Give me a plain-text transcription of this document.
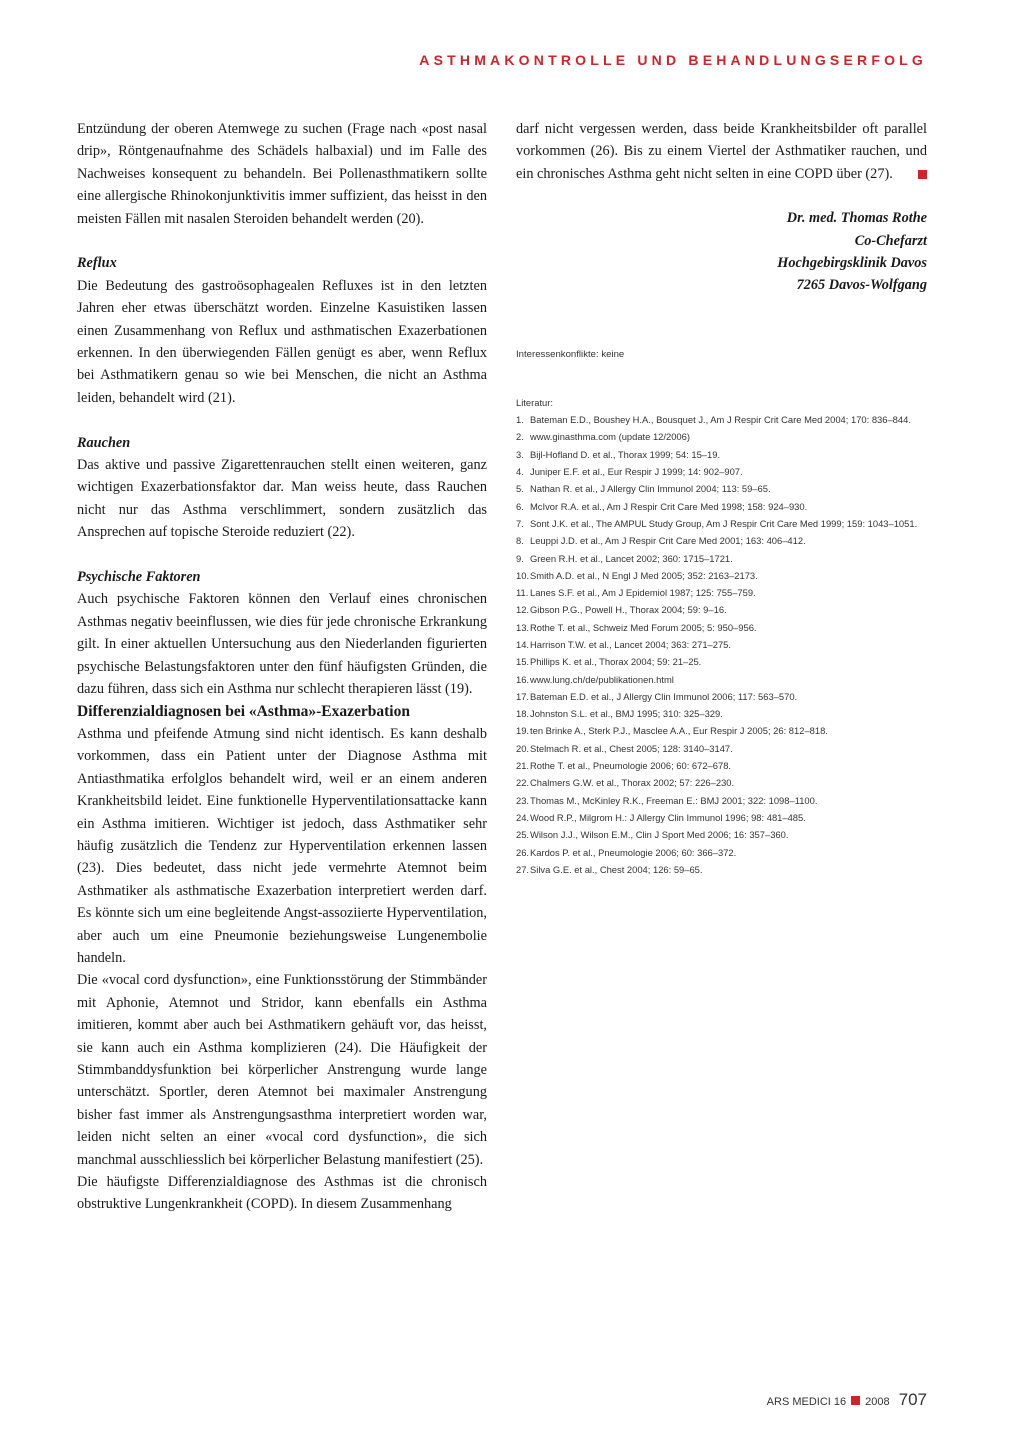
ASTHMAKONTROLLE UND BEHANDLUNGSERFOLG

Entzündung der oberen Atemwege zu suchen (Frage nach «post nasal drip», Röntgenaufnahme des Schädels halbaxial) und im Falle des Nachweises konsequent zu behandeln. Bei Pollenasthmatikern sollte eine allergische Rhinokonjunktivitis immer suffizient, das heisst in den meisten Fällen mit nasalen Steroiden behandelt werden (20).

Reflux

Die Bedeutung des gastroösophagealen Refluxes ist in den letzten Jahren eher etwas überschätzt worden. Einzelne Kasuistiken lassen einen Zusammenhang von Reflux und asthmatischen Exazerbationen erkennen. In den überwiegenden Fällen genügt es aber, wenn Reflux bei Asthmatikern genau so wie bei Menschen, die nicht an Asthma leiden, behandelt wird (21).

Rauchen

Das aktive und passive Zigarettenrauchen stellt einen weiteren, ganz wichtigen Exazerbationsfaktor dar. Man weiss heute, dass Rauchen nicht nur das Asthma verschlimmert, sondern zusätzlich das Ansprechen auf topische Steroide reduziert (22).

Psychische Faktoren

Auch psychische Faktoren können den Verlauf eines chronischen Asthmas negativ beeinflussen, wie dies für jede chronische Erkrankung gilt. In einer aktuellen Untersuchung aus den Niederlanden figurierten psychische Belastungsfaktoren unter den fünf häufigsten Gründen, die dazu führen, dass sich ein Asthma nur schlecht therapieren lässt (19).

Differenzialdiagnosen bei «Asthma»-Exazerbation

Asthma und pfeifende Atmung sind nicht identisch. Es kann deshalb vorkommen, dass ein Patient unter der Diagnose Asthma mit Antiasthmatika erfolglos behandelt wird, weil er an einem anderen Krankheitsbild leidet. Eine funktionelle Hyperventilationsattacke kann ein Asthma imitieren. Wichtiger ist jedoch, dass Asthmatiker sehr häufig zusätzlich die Tendenz zur Hyperventilation erkennen lassen (23). Dies bedeutet, dass nicht jede vermehrte Atemnot beim Asthmatiker als asthmatische Exazerbation interpretiert werden darf. Es könnte sich um eine begleitende Angst-assoziierte Hyperventilation, aber auch um eine Pneumonie beziehungsweise Lungenembolie handeln.

Die «vocal cord dysfunction», eine Funktionsstörung der Stimmbänder mit Aphonie, Atemnot und Stridor, kann ebenfalls ein Asthma imitieren, kommt aber auch bei Asthmatikern gehäuft vor, das heisst, sie kann auch ein Asthma komplizieren (24). Die Häufigkeit der Stimmbanddysfunktion bei körperlicher Anstrengung wurde lange unterschätzt. Sportler, deren Atemnot bei maximaler Anstrengung bisher fast immer als Anstrengungsasthma interpretiert worden war, leiden nicht selten an einer «vocal cord dysfunction», die sich manchmal ausschliesslich bei körperlicher Belastung manifestiert (25).

Die häufigste Differenzialdiagnose des Asthmas ist die chronisch obstruktive Lungenkrankheit (COPD). In diesem Zusammenhang

darf nicht vergessen werden, dass beide Krankheitsbilder oft parallel vorkommen (26). Bis zu einem Viertel der Asthmatiker rauchen, und ein chronisches Asthma geht nicht selten in eine COPD über (27).

Dr. med. Thomas Rothe
Co-Chefarzt
Hochgebirgsklinik Davos
7265 Davos-Wolfgang
Interessenkonflikte: keine
Literatur:
1. Bateman E.D., Boushey H.A., Bousquet J., Am J Respir Crit Care Med 2004; 170: 836–844.
2. www.ginasthma.com (update 12/2006)
3. Bijl-Hofland D. et al., Thorax 1999; 54: 15–19.
4. Juniper E.F. et al., Eur Respir J 1999; 14: 902–907.
5. Nathan R. et al., J Allergy Clin Immunol 2004; 113: 59–65.
6. McIvor R.A. et al., Am J Respir Crit Care Med 1998; 158: 924–930.
7. Sont J.K. et al., The AMPUL Study Group, Am J Respir Crit Care Med 1999; 159: 1043–1051.
8. Leuppi J.D. et al., Am J Respir Crit Care Med 2001; 163: 406–412.
9. Green R.H. et al., Lancet 2002; 360: 1715–1721.
10.Smith A.D. et al., N Engl J Med 2005; 352: 2163–2173.
11. Lanes S.F. et al., Am J Epidemiol 1987; 125: 755–759.
12.Gibson P.G., Powell H., Thorax 2004; 59: 9–16.
13.Rothe T. et al., Schweiz Med Forum 2005; 5: 950–956.
14.Harrison T.W. et al., Lancet 2004; 363: 271–275.
15.Phillips K. et al., Thorax 2004; 59: 21–25.
16.www.lung.ch/de/publikationen.html
17.Bateman E.D. et al., J Allergy Clin Immunol 2006; 117: 563–570.
18.Johnston S.L. et al., BMJ 1995; 310: 325–329.
19.ten Brinke A., Sterk P.J., Masclee A.A., Eur Respir J 2005; 26: 812–818.
20.Stelmach R. et al., Chest 2005; 128: 3140–3147.
21.Rothe T. et al., Pneumologie 2006; 60: 672–678.
22.Chalmers G.W. et al., Thorax 2002; 57: 226–230.
23.Thomas M., McKinley R.K., Freeman E.: BMJ 2001; 322: 1098–1100.
24.Wood R.P., Milgrom H.: J Allergy Clin Immunol 1996; 98: 481–485.
25.Wilson J.J., Wilson E.M., Clin J Sport Med 2006; 16: 357–360.
26.Kardos P. et al., Pneumologie 2006; 60: 366–372.
27.Silva G.E. et al., Chest 2004; 126: 59–65.
ARS MEDICI 16 2008 707
